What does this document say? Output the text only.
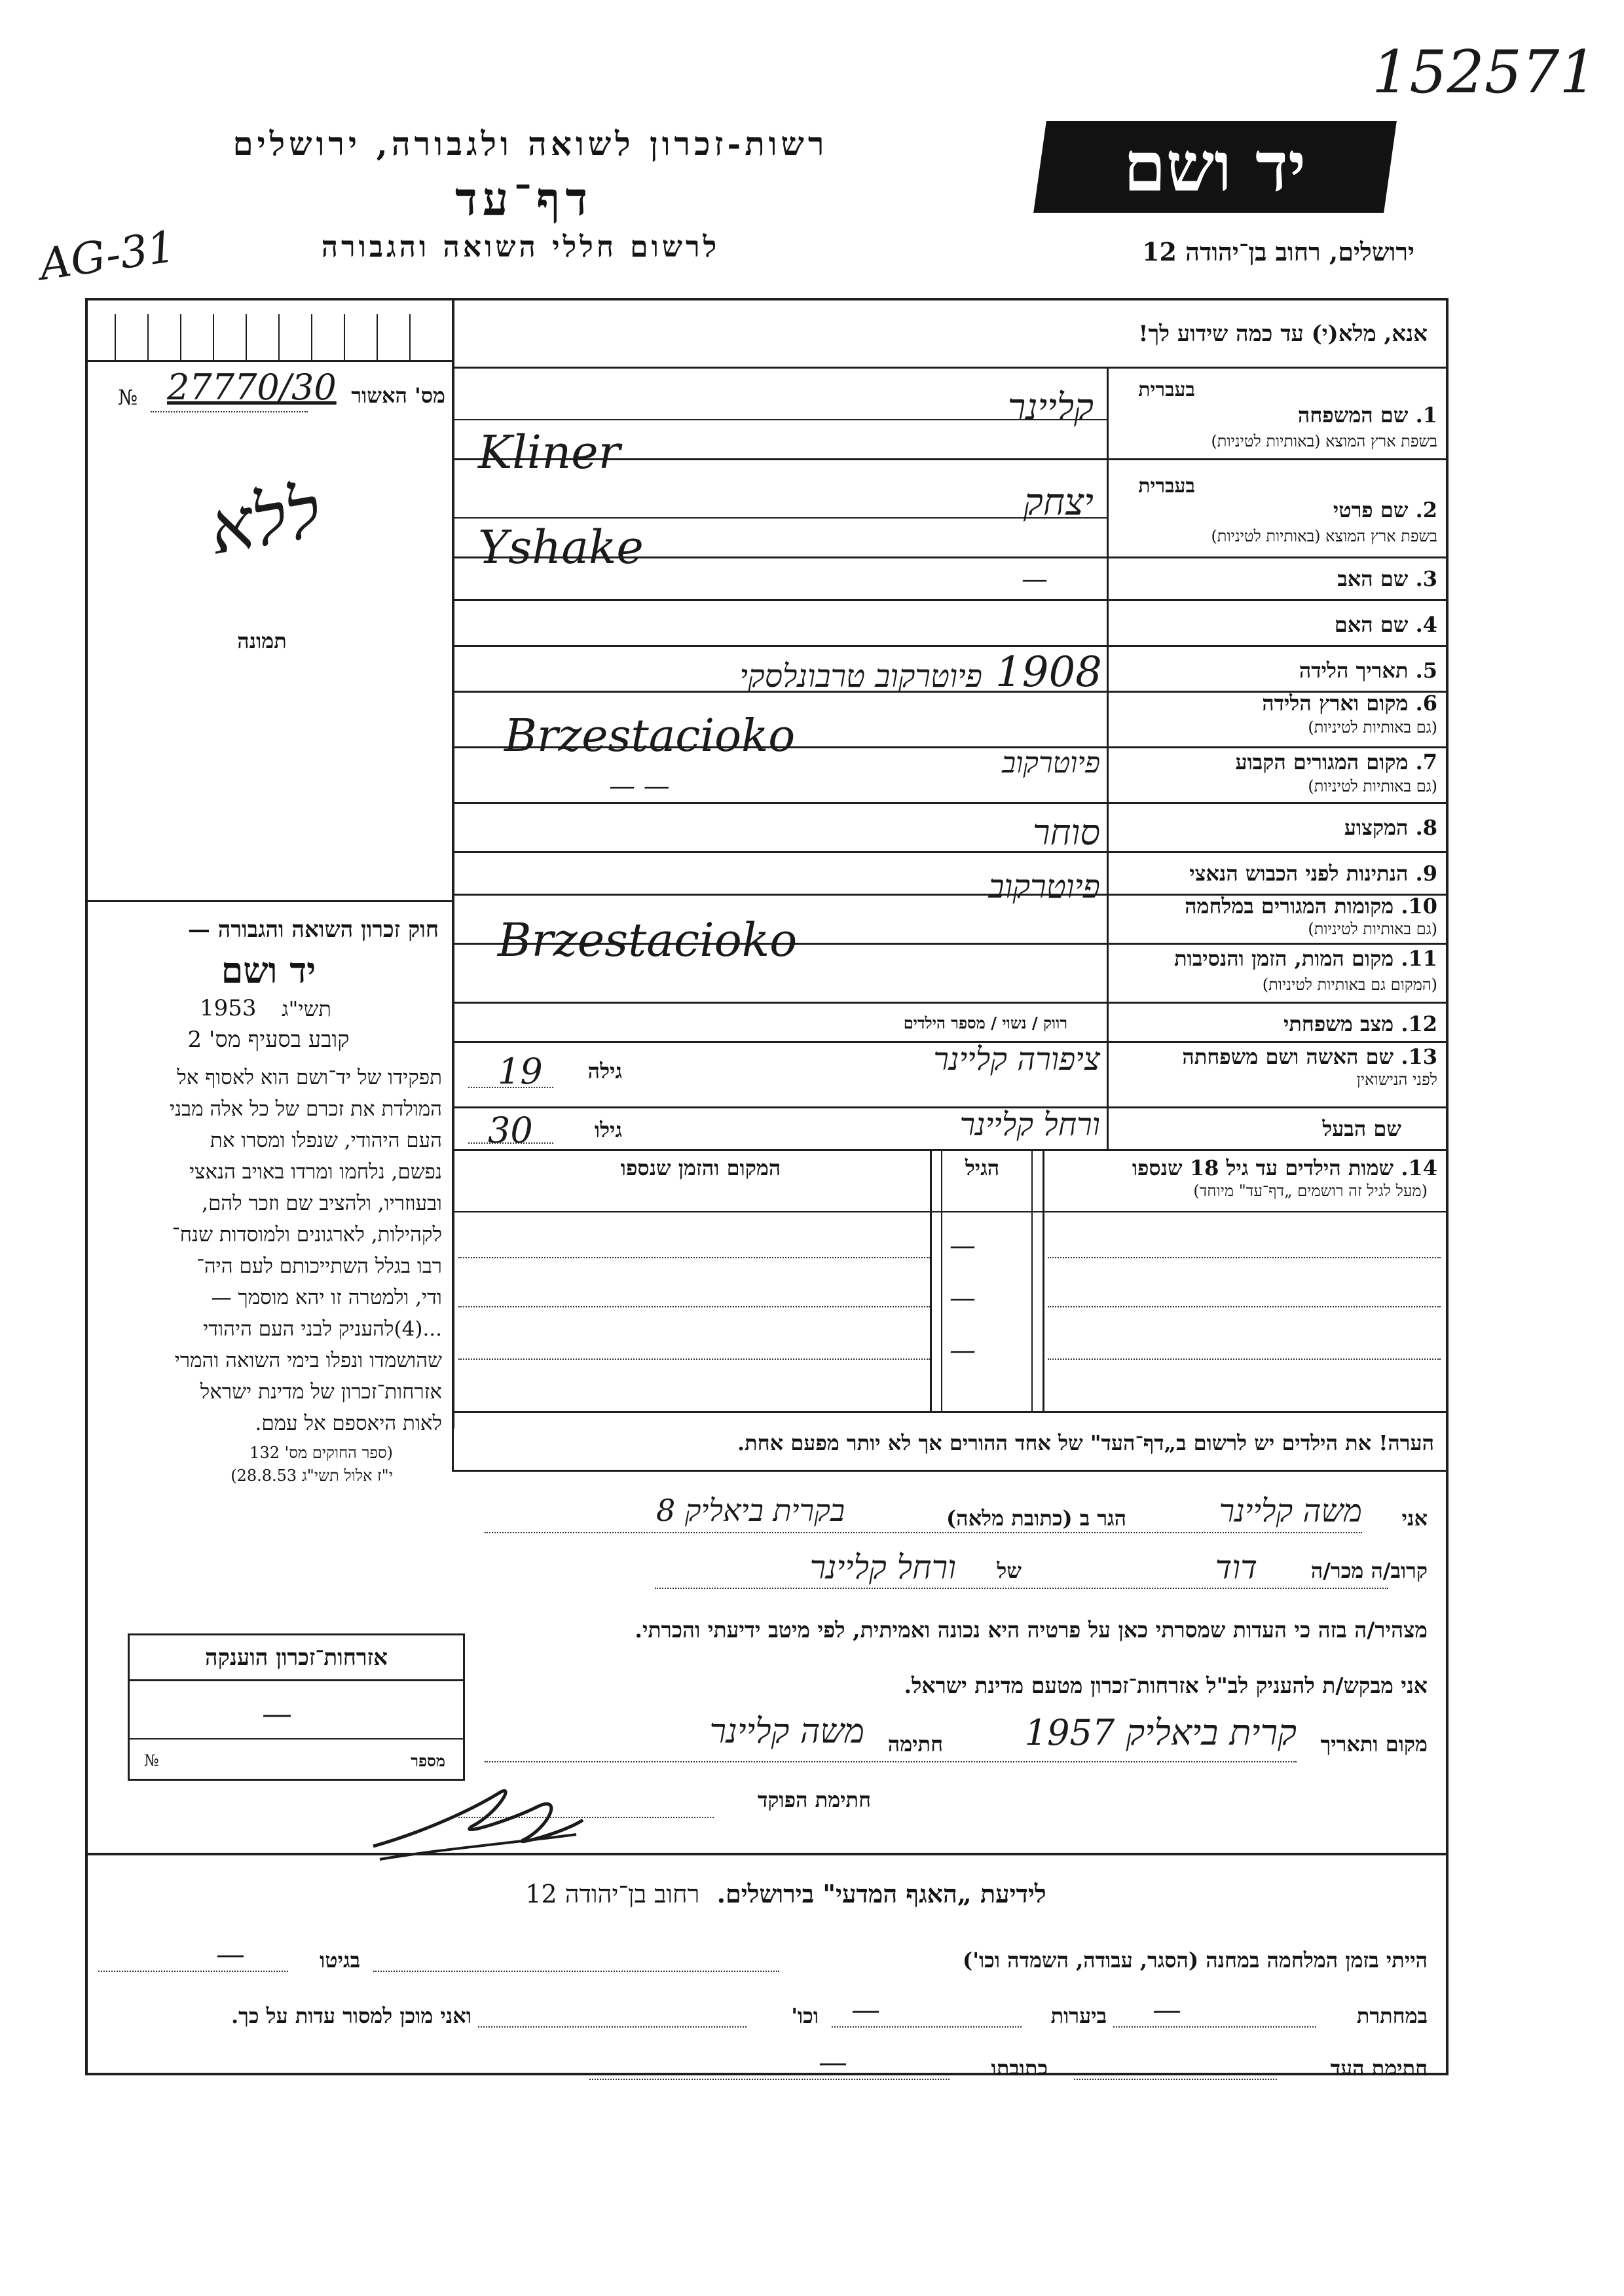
152571
AG-31
יד ושם
רשות-זכרון לשואה ולגבורה, ירושלים
דף־עד
לרשום חללי השואה והגבורה	ירושלים, רחוב בן־יהודה 12
מס' האשור
№ 27770/30
ללא
תמונה
חוק זכרון השואה והגבורה —
יד ושם
תשי"ג
1953
קובע בסעיף מס' 2
תפקידו של יד־ושם הוא לאסוף אל
המולדת את זכרם של כל אלה מבני
העם היהודי, שנפלו ומסרו את
נפשם, נלחמו ומרדו באויב הנאצי
ובעוזריו, ולהציב שם וזכר להם,
לקהילות, לארגונים ולמוסדות שנח־
רבו בגלל השתייכותם לעם היה־
ודי, ולמטרה זו יהא מוסמך —
...(4)להעניק לבני העם היהודי
שהושמדו ונפלו בימי השואה והמרי
אזרחות־זכרון של מדינת ישראל
לאות היאספם אל עמם.
(ספר החוקים מס' 132
י"ז אלול תשי"ג 28.8.53)
אנא, מלא(י) עד כמה שידוע לך!
בעברית
1. שם המשפחה
בשפת ארץ המוצא (באותיות לטיניות)
בעברית
2. שם פרטי
בשפת ארץ המוצא (באותיות לטיניות)
3. שם האב
4. שם האם
5. תאריך הלידה
6. מקום וארץ הלידה
(גם באותיות לטיניות)
7. מקום המגורים הקבוע
(גם באותיות לטיניות)
8. המקצוע
9. הנתינות לפני הכבוש הנאצי
10. מקומות המגורים במלחמה
(גם באותיות לטיניות)
11. מקום המות, הזמן והנסיבות
(המקום גם באותיות לטיניות)
12. מצב משפחתי
13. שם האשה ושם משפחתה
לפני הנישואין
שם הבעל
קליינר
Kliner
יצחק
Yshake
—
1908
פיוטרקוב טרבונלסקי
Brzestacioko
פיוטרקוב
— —
סוחר
פיוטרקוב
Brzestacioko
רווק / נשוי / מספר הילדים
ציפורה קליינר
גילה
19
ורחל קליינר
גילו
30
14. שמות הילדים עד גיל 18 שנספו
(מעל לגיל זה רושמים „דף־עד" מיוחד)
הגיל
המקום והזמן שנספו
—
—
—
הערה! את הילדים יש לרשום ב„דף־העד" של אחד ההורים אך לא יותר מפעם אחת.
אני
משה קליינר
הגר ב (כתובת מלאה)
בקרית ביאליק 8
קרוב/ה מכר/ה
דוד
של
ורחל קליינר
מצהיר/ה בזה כי העדות שמסרתי כאן על פרטיה היא נכונה ואמיתית, לפי מיטב ידיעתי והכרתי.
אני מבקש/ת להעניק לב"ל אזרחות־זכרון מטעם מדינת ישראל.
מקום ותאריך
קרית ביאליק 1957
חתימה
משה קליינר
חתימת הפוקד
אזרחות־זכרון הוענקה
—
מספר
№
לידיעת „האגף המדעי" בירושלים.  רחוב בן־יהודה 12
הייתי בזמן המלחמה במחנה (הסגר, עבודה, השמדה וכו')
בגיטו
—
במחתרת
—
ביערות
—
וכו'
ואני מוכן למסור עדות על כך.
חתימת העד
כתובתו
—
